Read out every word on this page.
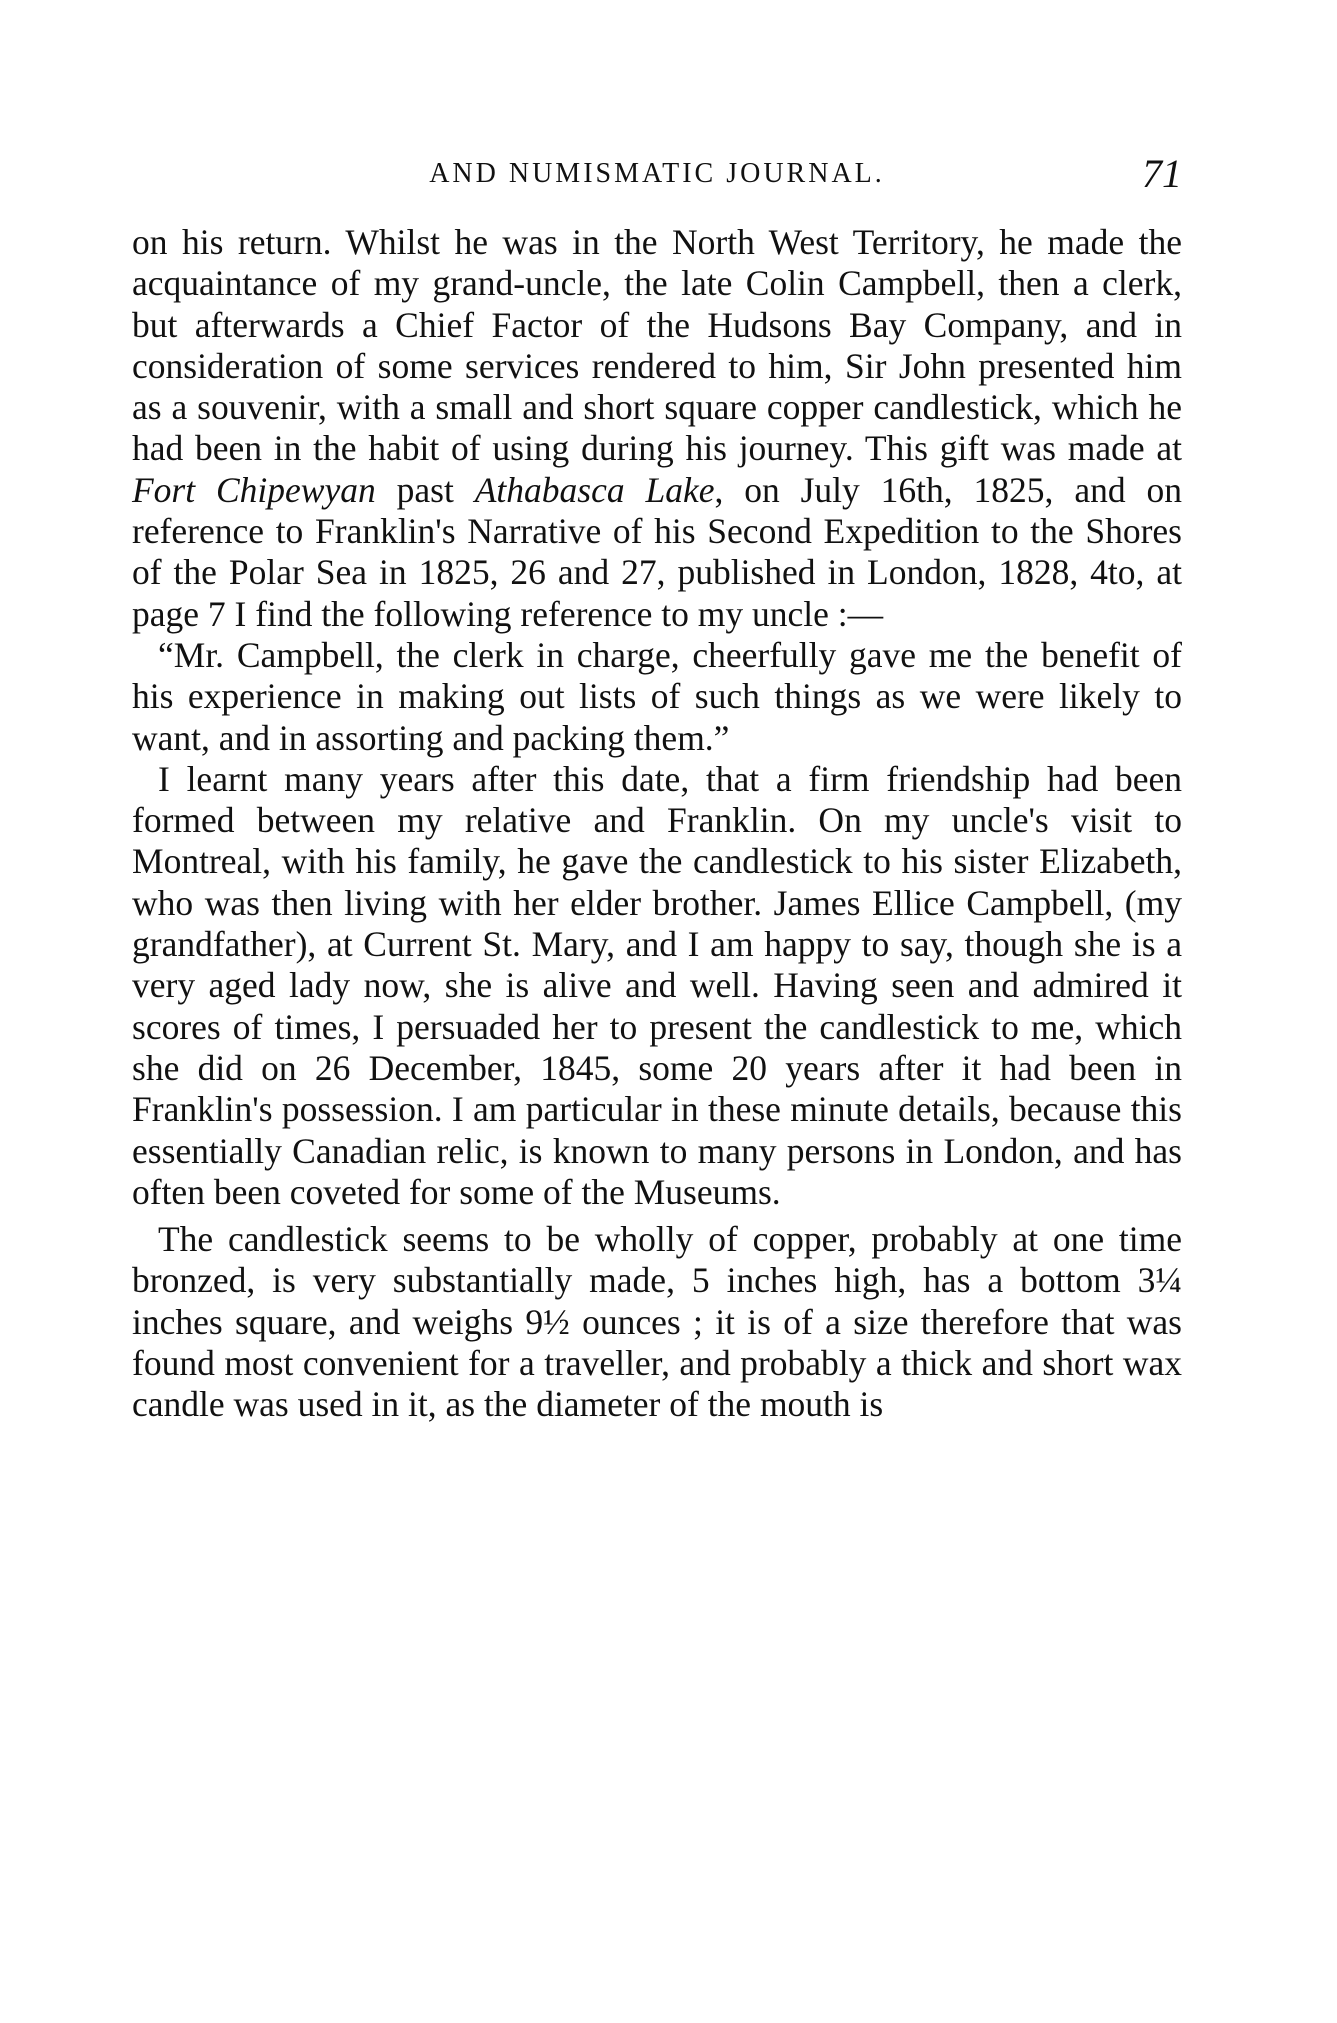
AND NUMISMATIC JOURNAL.	71

on his return. Whilst he was in the North West Territory, he made the acquaintance of my grand-uncle, the late Colin Campbell, then a clerk, but afterwards a Chief Factor of the Hudsons Bay Company, and in consideration of some services rendered to him, Sir John presented him as a souvenir, with a small and short square copper candlestick, which he had been in the habit of using during his journey. This gift was made at Fort Chipewyan past Athabasca Lake, on July 16th, 1825, and on reference to Franklin's Narrative of his Second Expedition to the Shores of the Polar Sea in 1825, 26 and 27, published in London, 1828, 4to, at page 7 I find the following reference to my uncle :—

“Mr. Campbell, the clerk in charge, cheerfully gave me the benefit of his experience in making out lists of such things as we were likely to want, and in assorting and packing them.”

I learnt many years after this date, that a firm friendship had been formed between my relative and Franklin. On my uncle's visit to Montreal, with his family, he gave the candlestick to his sister Elizabeth, who was then living with her elder brother. James Ellice Campbell, (my grandfather), at Current St. Mary, and I am happy to say, though she is a very aged lady now, she is alive and well. Having seen and admired it scores of times, I persuaded her to present the candlestick to me, which she did on 26 December, 1845, some 20 years after it had been in Franklin's possession. I am particular in these minute details, because this essentially Canadian relic, is known to many persons in London, and has often been coveted for some of the Museums.

The candlestick seems to be wholly of copper, probably at one time bronzed, is very substantially made, 5 inches high, has a bottom 3¼ inches square, and weighs 9½ ounces ; it is of a size therefore that was found most convenient for a traveller, and probably a thick and short wax candle was used in it, as the diameter of the mouth is
